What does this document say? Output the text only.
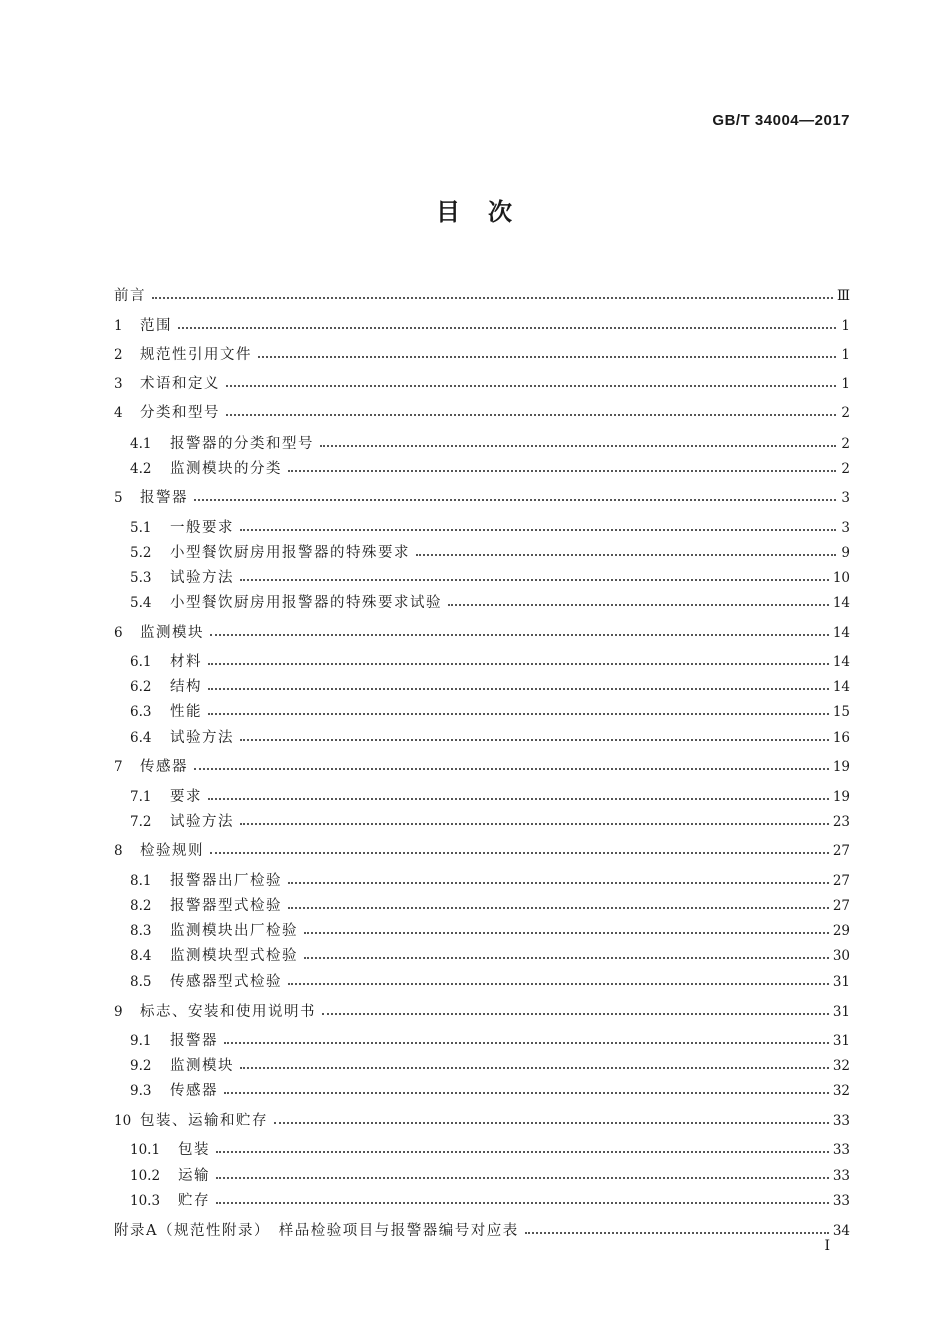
GB/T 34004—2017
目　次
前言	Ⅲ
1	范围	1
2	规范性引用文件	1
3	术语和定义	1
4	分类和型号	2
4.1	报警器的分类和型号	2
4.2	监测模块的分类	2
5	报警器	3
5.1	一般要求	3
5.2	小型餐饮厨房用报警器的特殊要求	9
5.3	试验方法	10
5.4	小型餐饮厨房用报警器的特殊要求试验	14
6	监测模块	14
6.1	材料	14
6.2	结构	14
6.3	性能	15
6.4	试验方法	16
7	传感器	19
7.1	要求	19
7.2	试验方法	23
8	检验规则	27
8.1	报警器出厂检验	27
8.2	报警器型式检验	27
8.3	监测模块出厂检验	29
8.4	监测模块型式检验	30
8.5	传感器型式检验	31
9	标志、安装和使用说明书	31
9.1	报警器	31
9.2	监测模块	32
9.3	传感器	32
10 包装、运输和贮存	33
10.1	包装	33
10.2	运输	33
10.3	贮存	33
附录A（规范性附录）　样品检验项目与报警器编号对应表	34
Ⅰ
